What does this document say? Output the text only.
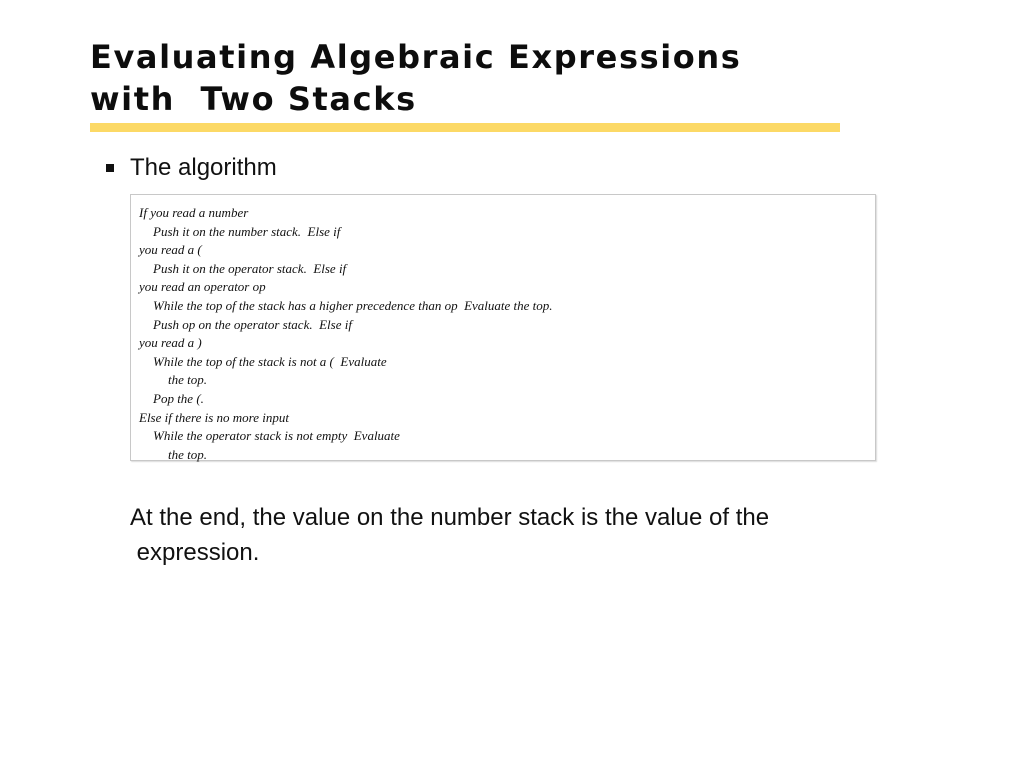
Evaluating Algebraic Expressions
with  Two Stacks
The algorithm
If you read a number
Push it on the number stack.  Else if
you read a (
Push it on the operator stack.  Else if
you read an operator op
While the top of the stack has a higher precedence than op  Evaluate the top.
Push op on the operator stack.  Else if
you read a )
While the top of the stack is not a (  Evaluate
the top.
Pop the (.
Else if there is no more input
While the operator stack is not empty  Evaluate
the top.
At the end, the value on the number stack is the value of the
expression.
